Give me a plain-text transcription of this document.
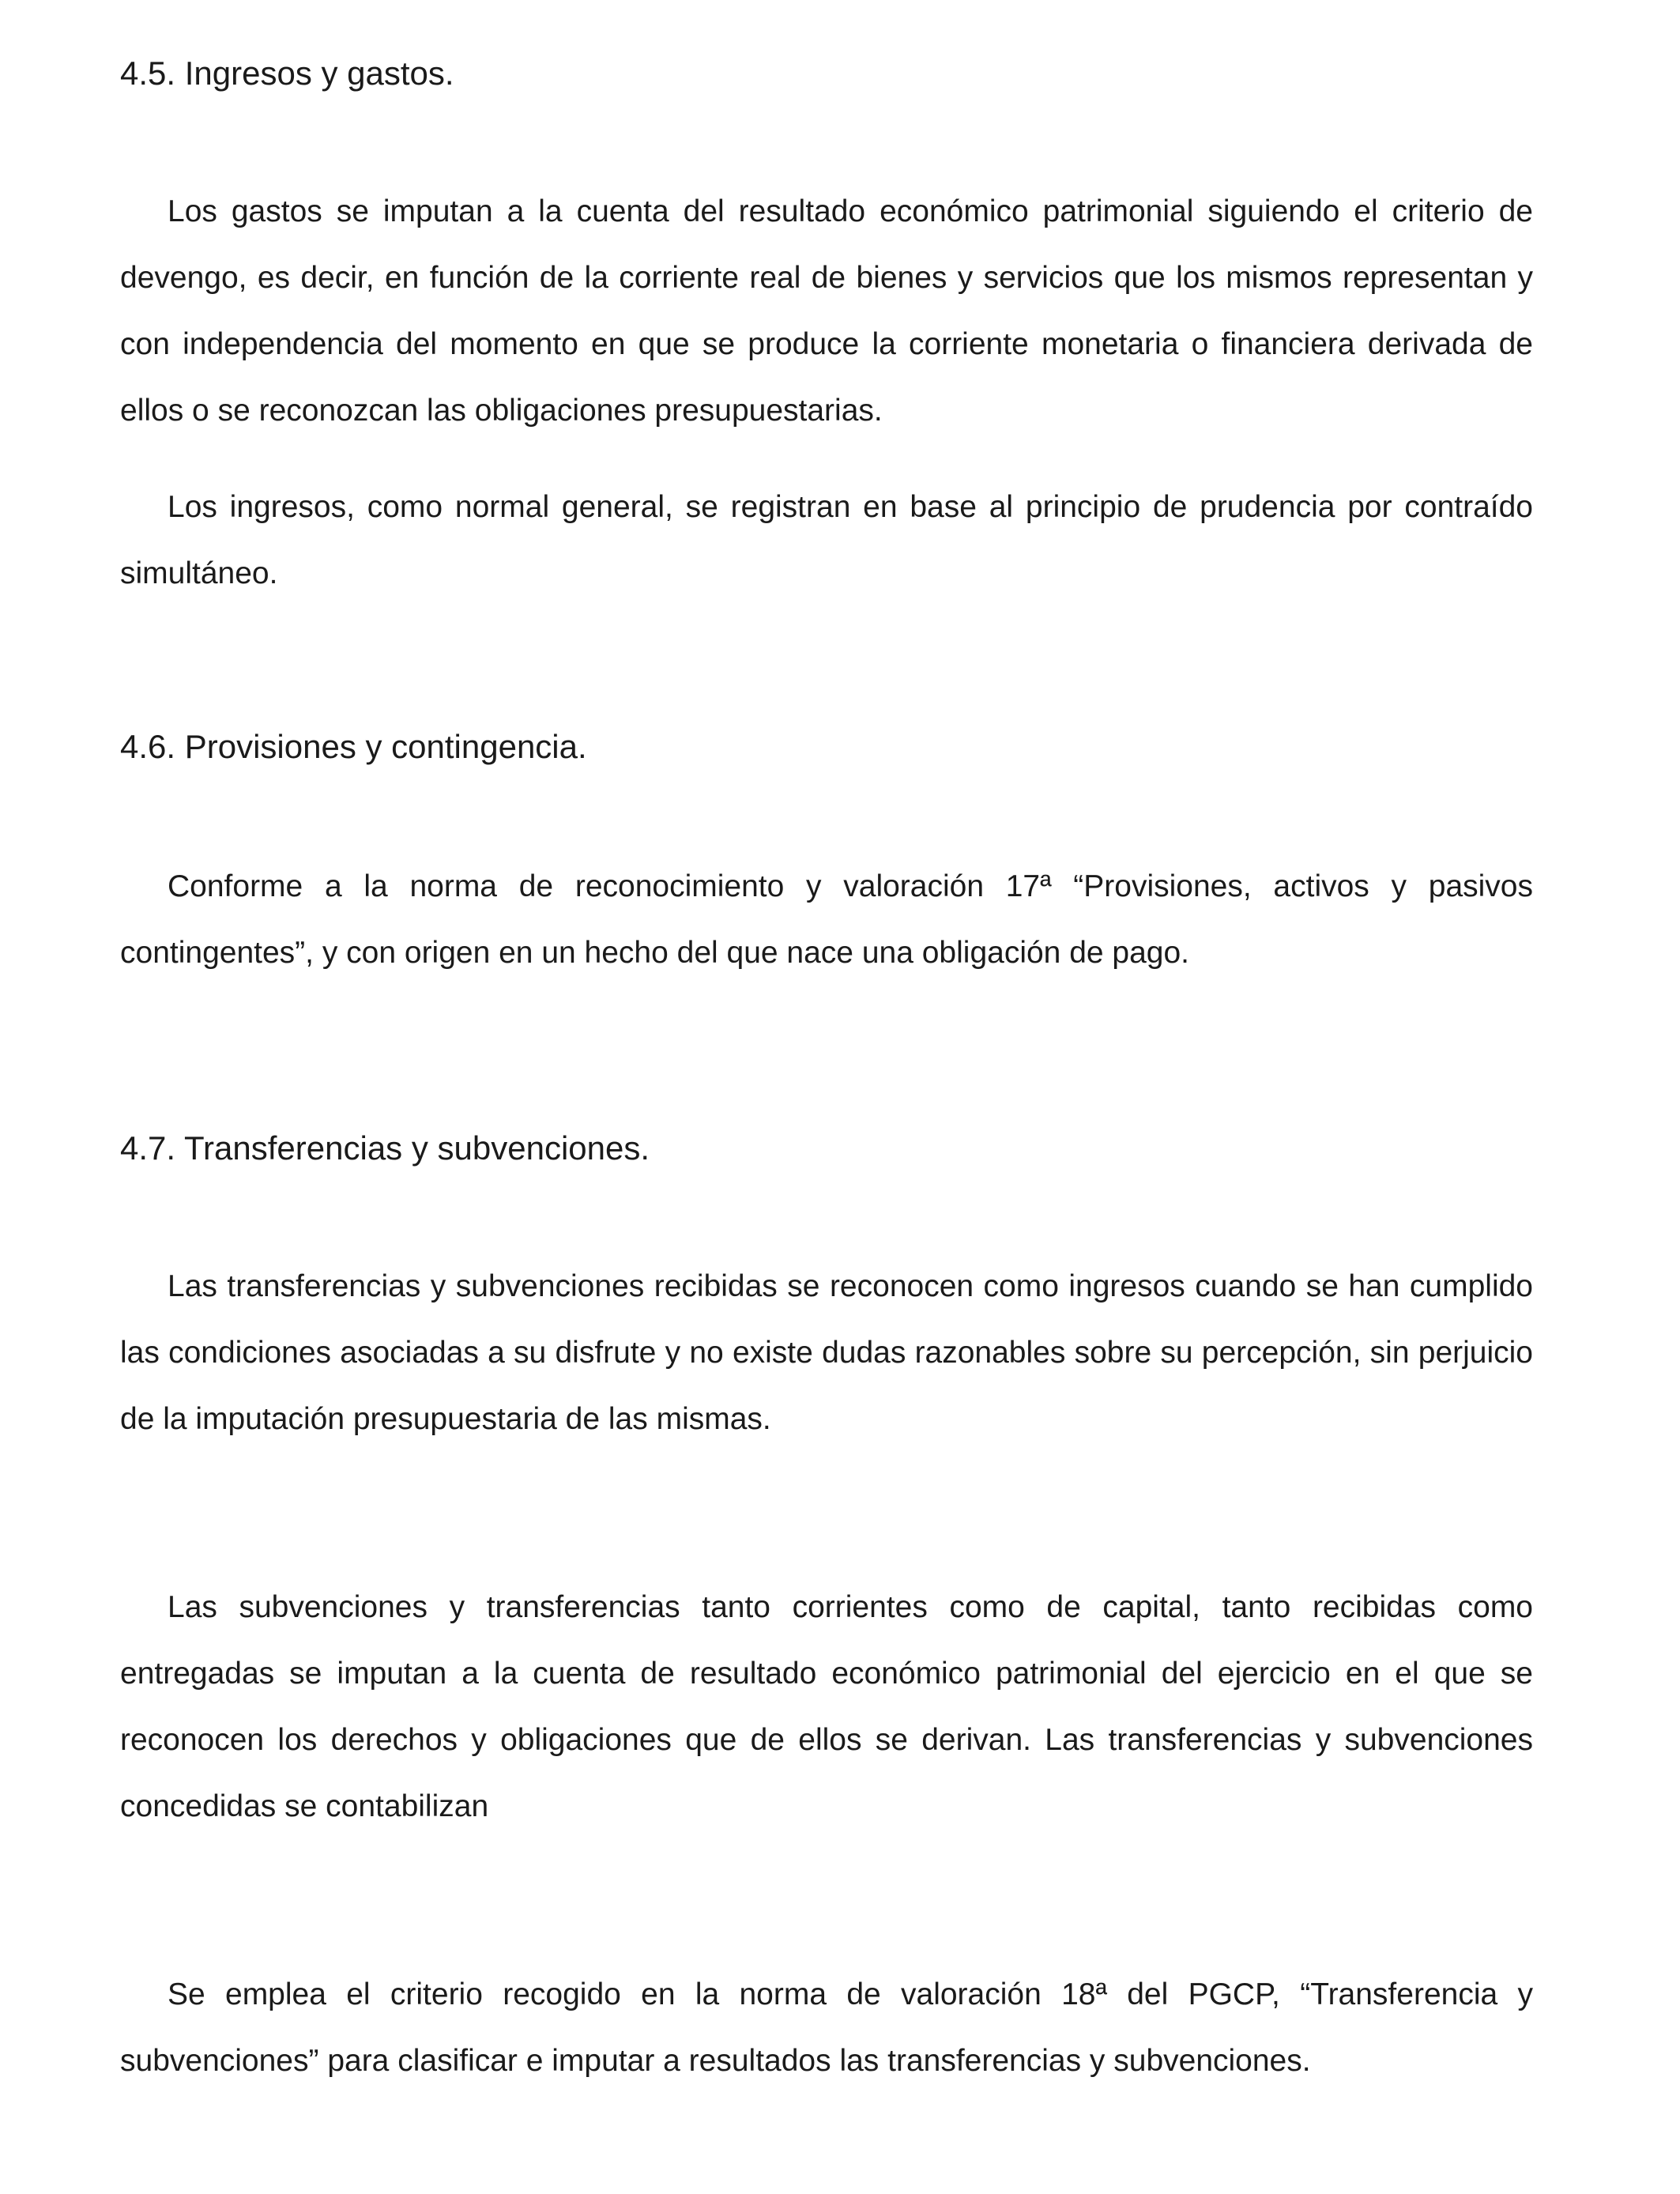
4.5. Ingresos y gastos.

Los gastos se imputan a la cuenta del resultado económico patrimonial siguiendo el criterio de devengo, es decir, en función de la corriente real de bienes y servicios que los mismos representan y con independencia del momento en que se produce la corriente monetaria o financiera derivada de ellos o se reconozcan las obligaciones presupuestarias.

Los ingresos, como normal general, se registran en base al principio de prudencia por contraído simultáneo.

4.6. Provisiones y contingencia.

Conforme a la norma de reconocimiento y valoración 17ª “Provisiones, activos y pasivos contingentes”, y con origen en un hecho del que nace una obligación de pago.

4.7. Transferencias y subvenciones.

Las transferencias y subvenciones recibidas se reconocen como ingresos cuando se han cumplido las condiciones asociadas a su disfrute y no existe dudas razonables sobre su percepción, sin perjuicio de la imputación presupuestaria de las mismas.

Las subvenciones y transferencias tanto corrientes como de capital, tanto recibidas como entregadas se imputan a la cuenta de resultado económico patrimonial del ejercicio en el que se reconocen los derechos y obligaciones que de ellos se derivan. Las transferencias y subvenciones concedidas se contabilizan

Se emplea el criterio recogido en la norma de valoración 18ª del PGCP, “Transferencia y subvenciones” para clasificar e imputar a resultados las transferencias y subvenciones.
